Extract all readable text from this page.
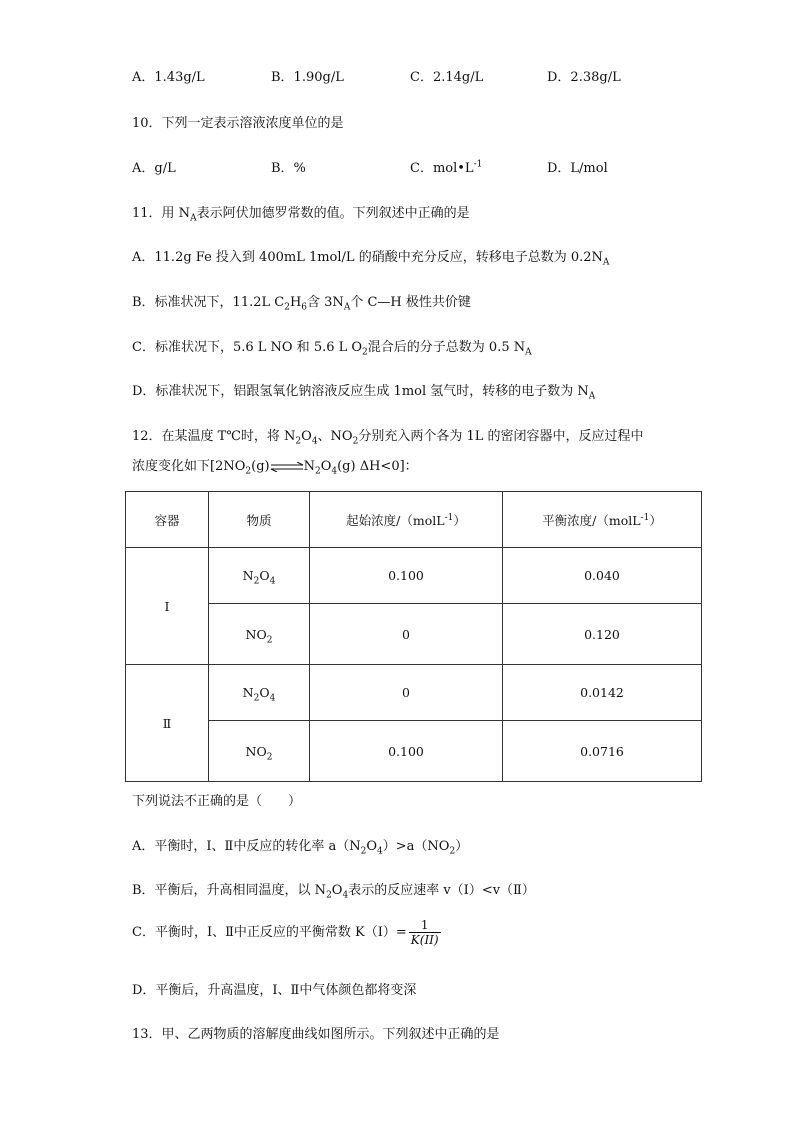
A．1.43g/L	B．1.90g/L	C．2.14g/L	D．2.38g/L
10．下列一定表示溶液浓度单位的是
A．g/L	B．%	C．$mol•L^{-1}$	D．L/mol
11．用 $N_A$表示阿伏加德罗常数的值。下列叙述中正确的是
A．11.2g Fe 投入到 400mL 1mol/L 的硝酸中充分反应，转移电子总数为 $0.2N_A$
B．标准状况下，11.2L $C_2H_6$含 $3N_A$个 C—H 极性共价键
C．标准状况下，5.6 L NO 和 5.6 L $O_2$混合后的分子总数为 0.5 $N_A$
D．标准状况下，铝跟氢氧化钠溶液反应生成 1mol 氢气时，转移的电子数为 $N_A$
12．在某温度 T℃时，将 $N_2O_4$、$NO_2$分别充入两个各为 1L 的密闭容器中，反应过程中
浓度变化如下[$2NO_2(g)\rightleftharpoons N_2O_4(g)$ ΔH<0]：
容器	物质	起始浓度/（molL$^{-1}$）	平衡浓度/（molL$^{-1}$）
I	$N_2O_4$	0.100	0.040
	$NO_2$	0	0.120
Ⅱ	$N_2O_4$	0	0.0142
	$NO_2$	0.100	0.0716
下列说法不正确的是（　　）
A．平衡时，Ⅰ、Ⅱ中反应的转化率 $a(N_2O_4)>a(NO_2)$
B．平衡后，升高相同温度，以 $N_2O_4$表示的反应速率 v（Ⅰ）<v（Ⅱ）
C．平衡时，Ⅰ、Ⅱ中正反应的平衡常数 $K(I)= \frac{1}{K(II)}$
D．平衡后，升高温度，Ⅰ、Ⅱ中气体颜色都将变深
13．甲、乙两物质的溶解度曲线如图所示。下列叙述中正确的是
